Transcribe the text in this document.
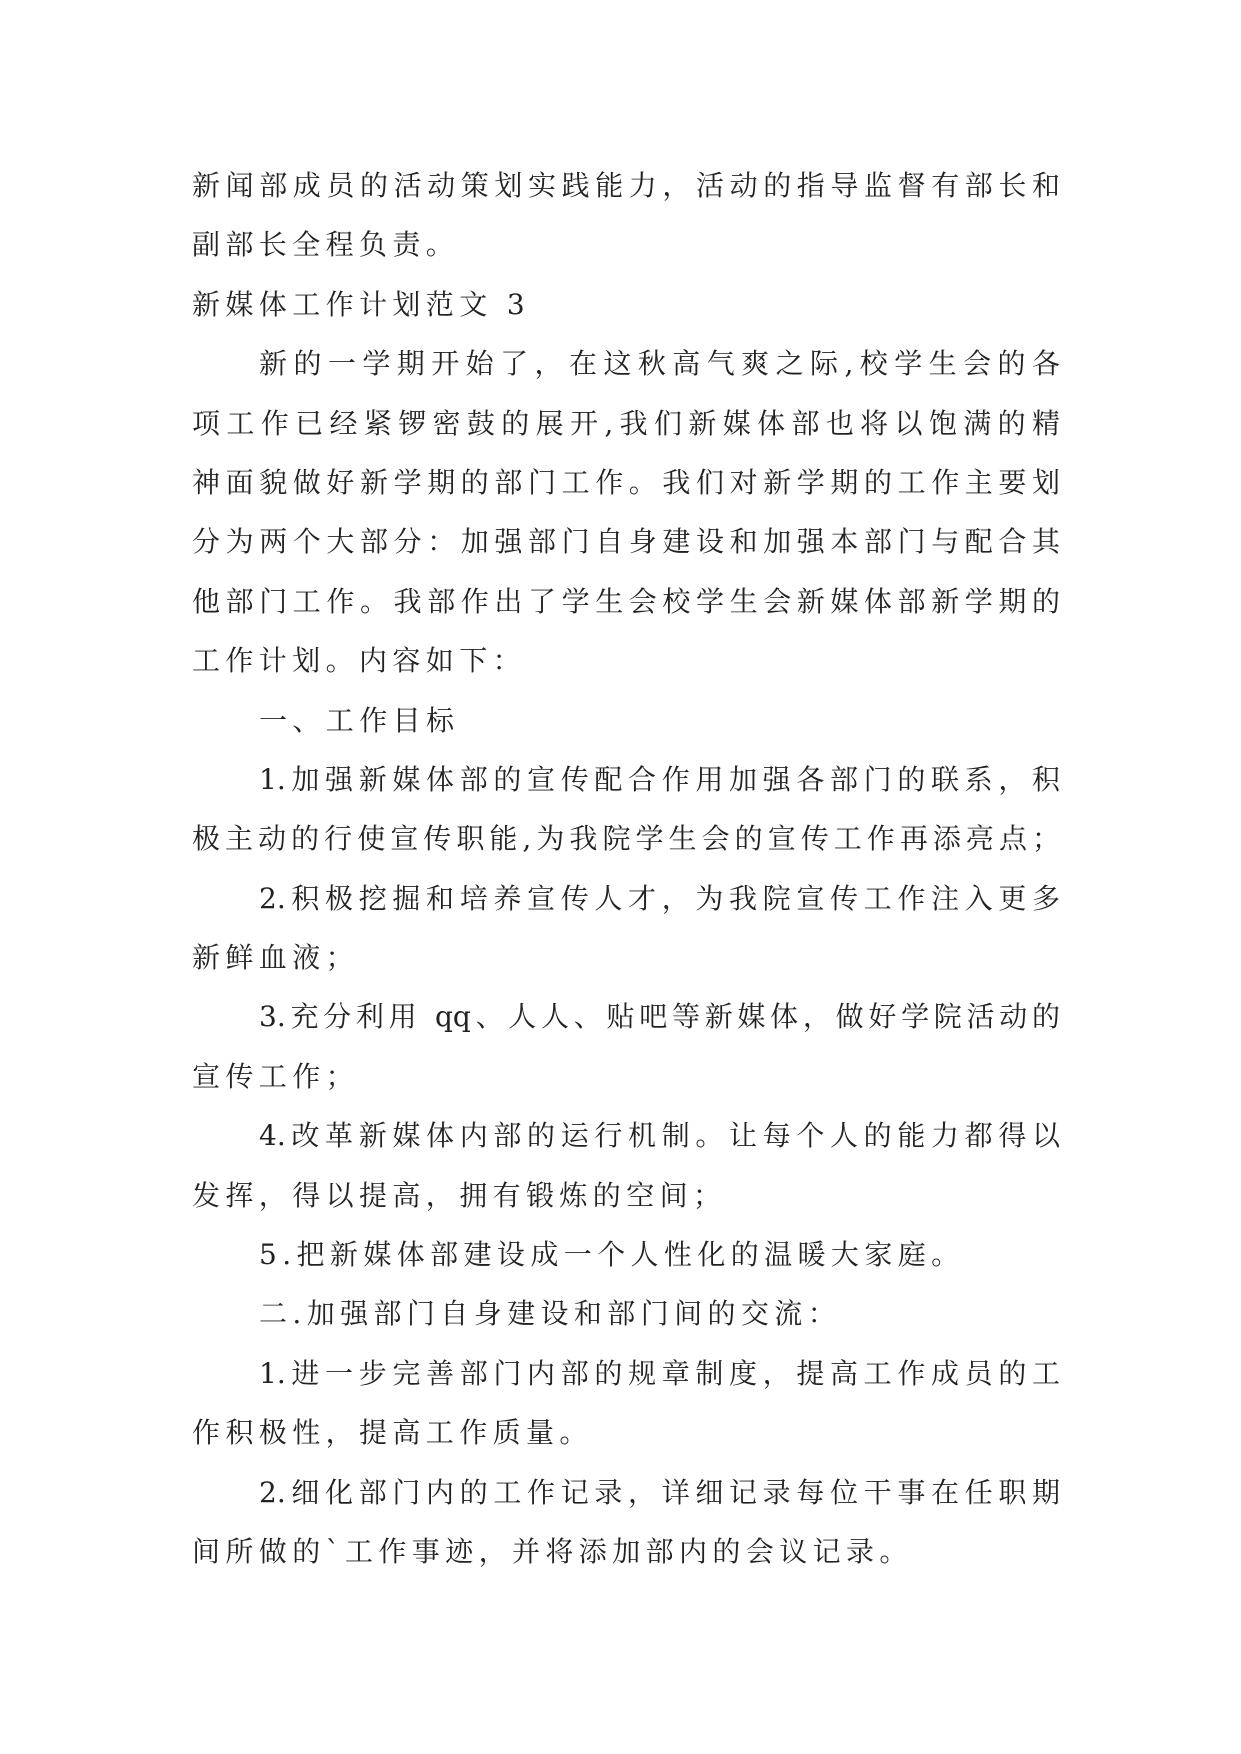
新闻部成员的活动策划实践能力，活动的指导监督有部长和
副部长全程负责。
新媒体工作计划范文 3
新的一学期开始了，在这秋高气爽之际,校学生会的各
项工作已经紧锣密鼓的展开,我们新媒体部也将以饱满的精
神面貌做好新学期的部门工作。我们对新学期的工作主要划
分为两个大部分：加强部门自身建设和加强本部门与配合其
他部门工作。我部作出了学生会校学生会新媒体部新学期的
工作计划。内容如下：
一、工作目标
1.加强新媒体部的宣传配合作用加强各部门的联系，积
极主动的行使宣传职能,为我院学生会的宣传工作再添亮点；
2.积极挖掘和培养宣传人才，为我院宣传工作注入更多
新鲜血液；
3.充分利用 qq、人人、贴吧等新媒体，做好学院活动的
宣传工作；
4.改革新媒体内部的运行机制。让每个人的能力都得以
发挥，得以提高，拥有锻炼的空间；
5.把新媒体部建设成一个人性化的温暖大家庭。
二.加强部门自身建设和部门间的交流：
1.进一步完善部门内部的规章制度，提高工作成员的工
作积极性，提高工作质量。
2.细化部门内的工作记录，详细记录每位干事在任职期
间所做的`工作事迹，并将添加部内的会议记录。
